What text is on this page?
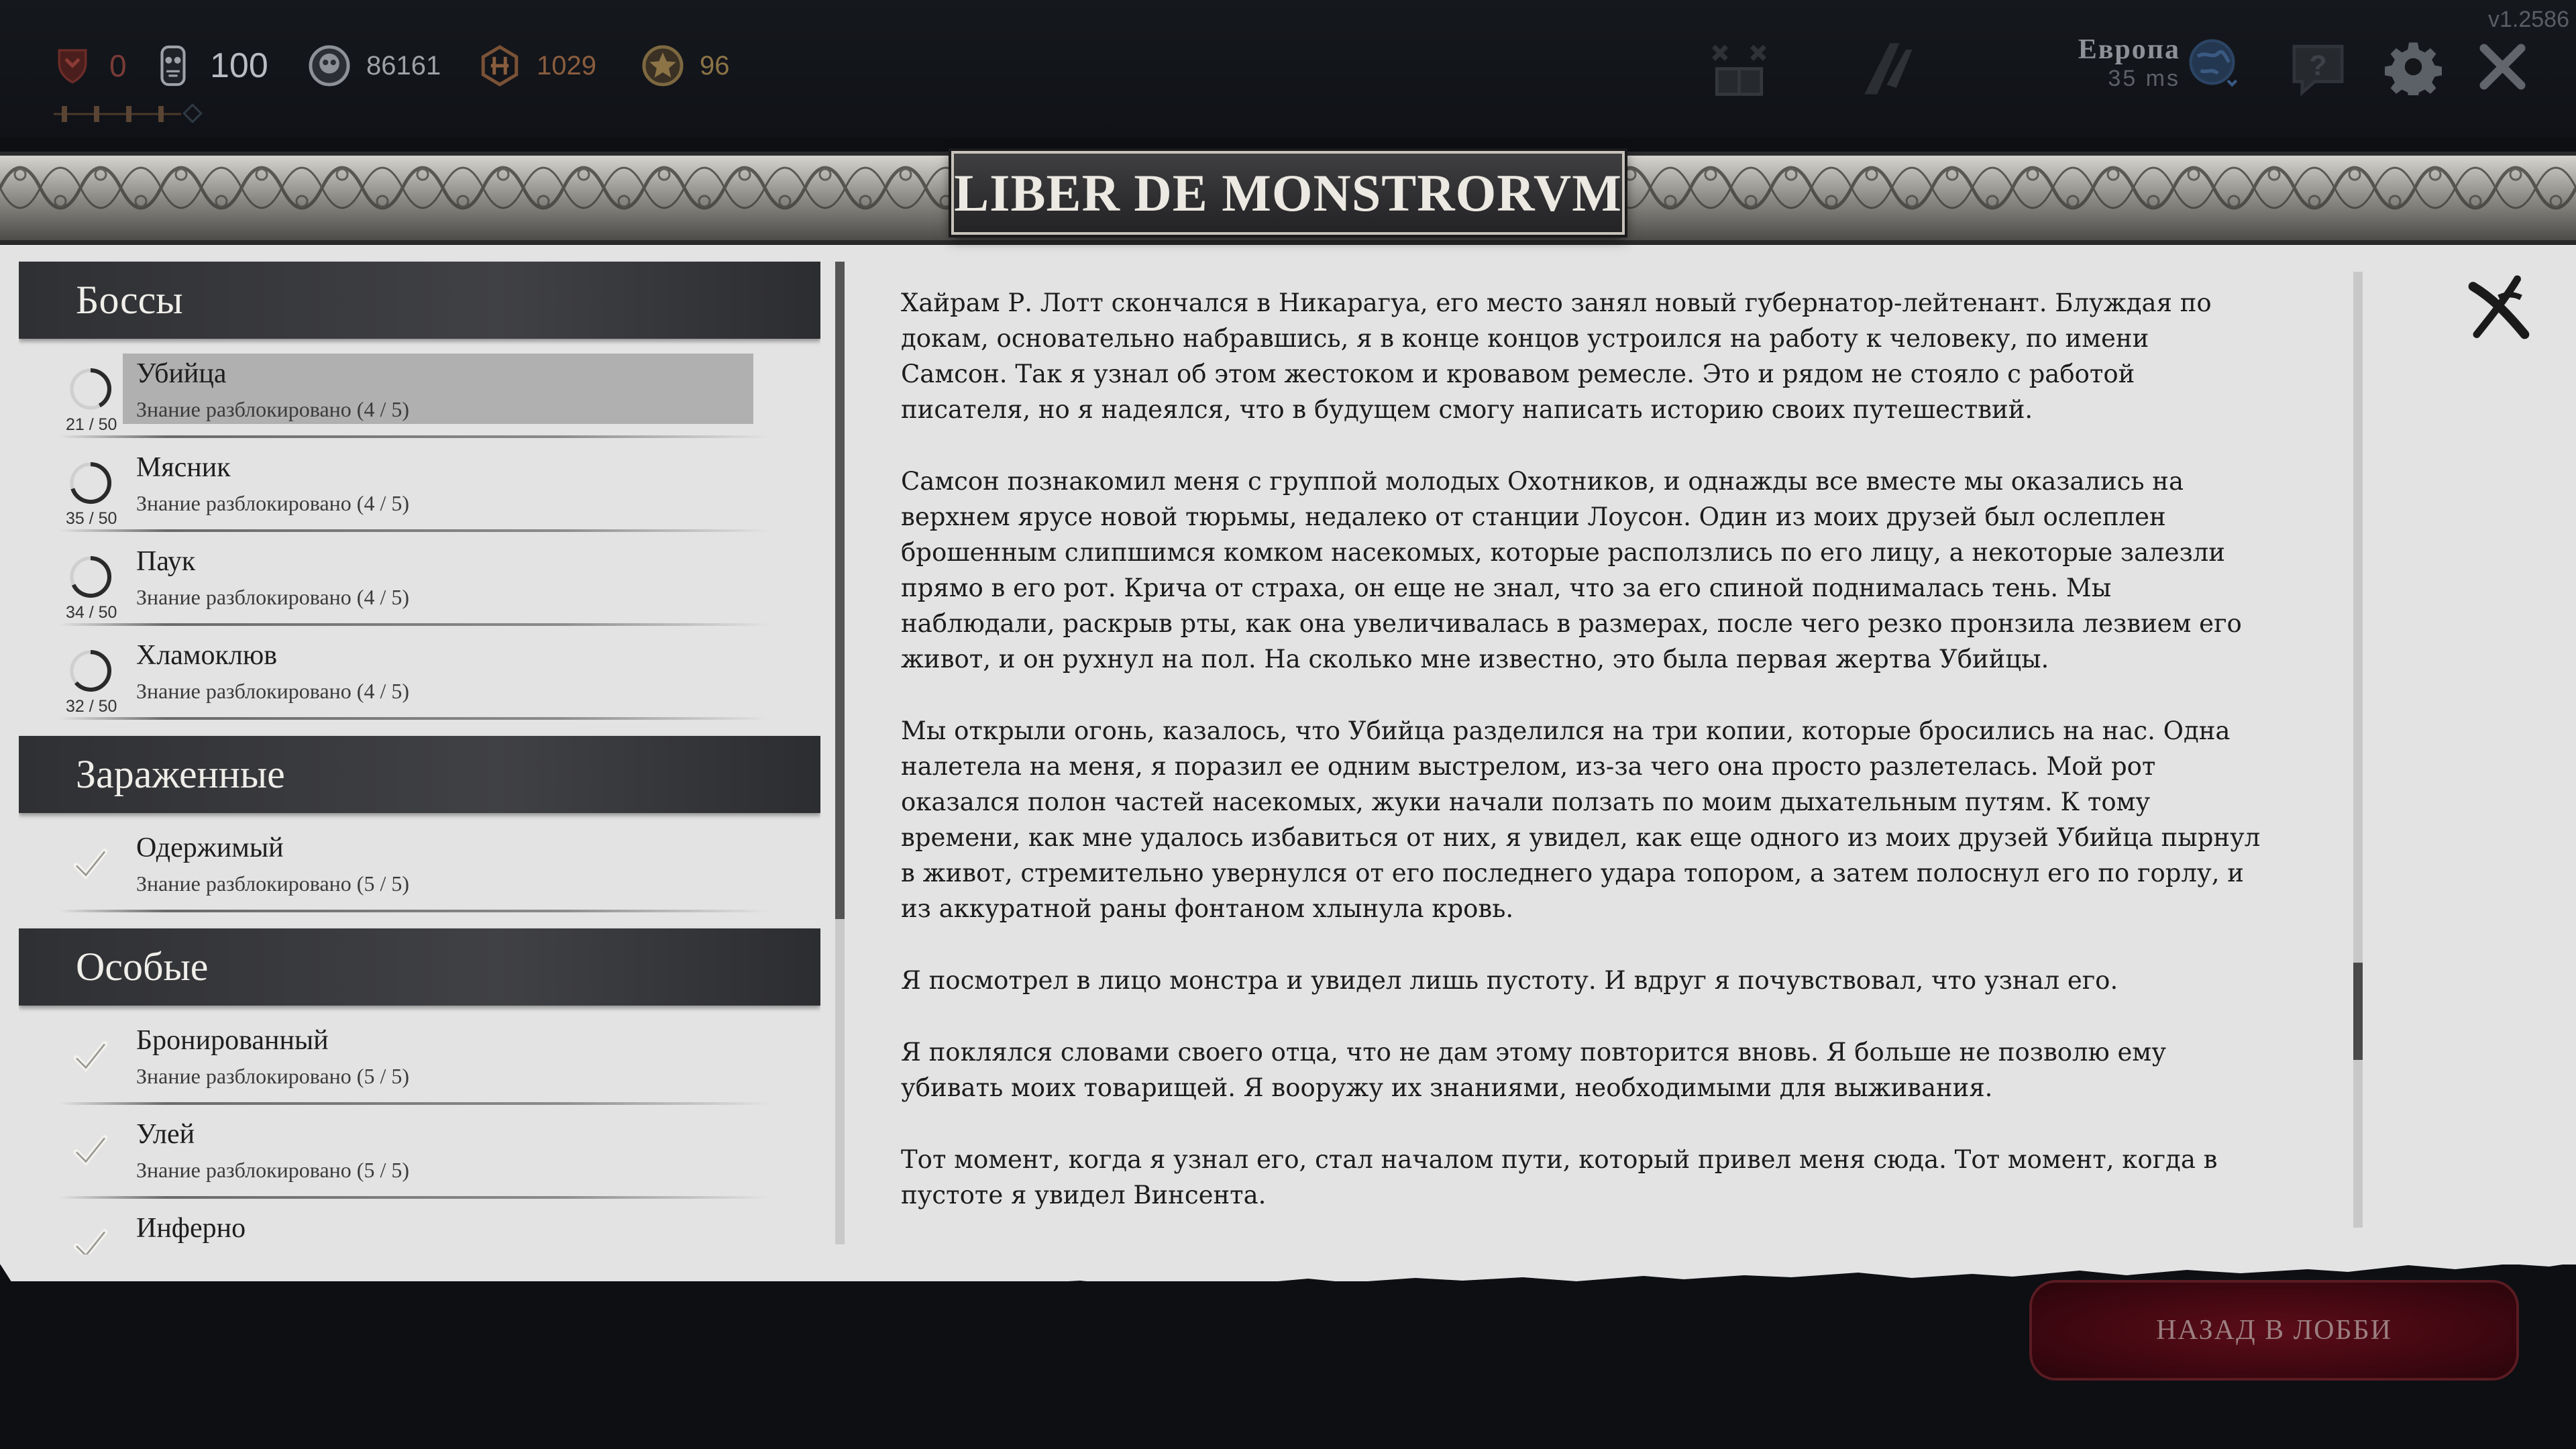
0 100	86161	1029	96
Европа
35 ms	?
v1.2586
LIBER DE MONSTRORVM
Боссы
21 / 50
Убийца
Знание разблокировано (4 / 5)
35 / 50
Мясник
Знание разблокировано (4 / 5)
34 / 50
Паук
Знание разблокировано (4 / 5)
32 / 50
Хламоклюв
Знание разблокировано (4 / 5)
Зараженные
Одержимый
Знание разблокировано (5 / 5)
Особые
Бронированный
Знание разблокировано (5 / 5)
Улей
Знание разблокировано (5 / 5)
Инферно

Хайрам Р. Лотт скончался в Никарагуа, его место занял новый губернатор-лейтенант. Блуждая по докам, основательно набравшись, я в конце концов устроился на работу к человеку, по имени Самсон. Так я узнал об этом жестоком и кровавом ремесле. Это и рядом не стояло с работой писателя, но я надеялся, что в будущем смогу написать историю своих путешествий.

Самсон познакомил меня с группой молодых Охотников, и однажды все вместе мы оказались на верхнем ярусе новой тюрьмы, недалеко от станции Лоусон. Один из моих друзей был ослеплен брошенным слипшимся комком насекомых, которые расползлись по его лицу, а некоторые залезли прямо в его рот. Крича от страха, он еще не знал, что за его спиной поднималась тень. Мы наблюдали, раскрыв рты, как она увеличивалась в размерах, после чего резко пронзила лезвием его живот, и он рухнул на пол. На сколько мне известно, это была первая жертва Убийцы.

Мы открыли огонь, казалось, что Убийца разделился на три копии, которые бросились на нас. Одна налетела на меня, я поразил ее одним выстрелом, из-за чего она просто разлетелась. Мой рот оказался полон частей насекомых, жуки начали ползать по моим дыхательным путям. К тому времени, как мне удалось избавиться от них, я увидел, как еще одного из моих друзей Убийца пырнул в живот, стремительно увернулся от его последнего удара топором, а затем полоснул его по горлу, и из аккуратной раны фонтаном хлынула кровь.

Я посмотрел в лицо монстра и увидел лишь пустоту. И вдруг я почувствовал, что узнал его.

Я поклялся словами своего отца, что не дам этому повторится вновь. Я больше не позволю ему убивать моих товарищей. Я вооружу их знаниями, необходимыми для выживания.

Тот момент, когда я узнал его, стал началом пути, который привел меня сюда. Тот момент, когда в пустоте я увидел Винсента.

НАЗАД В ЛОББИ
